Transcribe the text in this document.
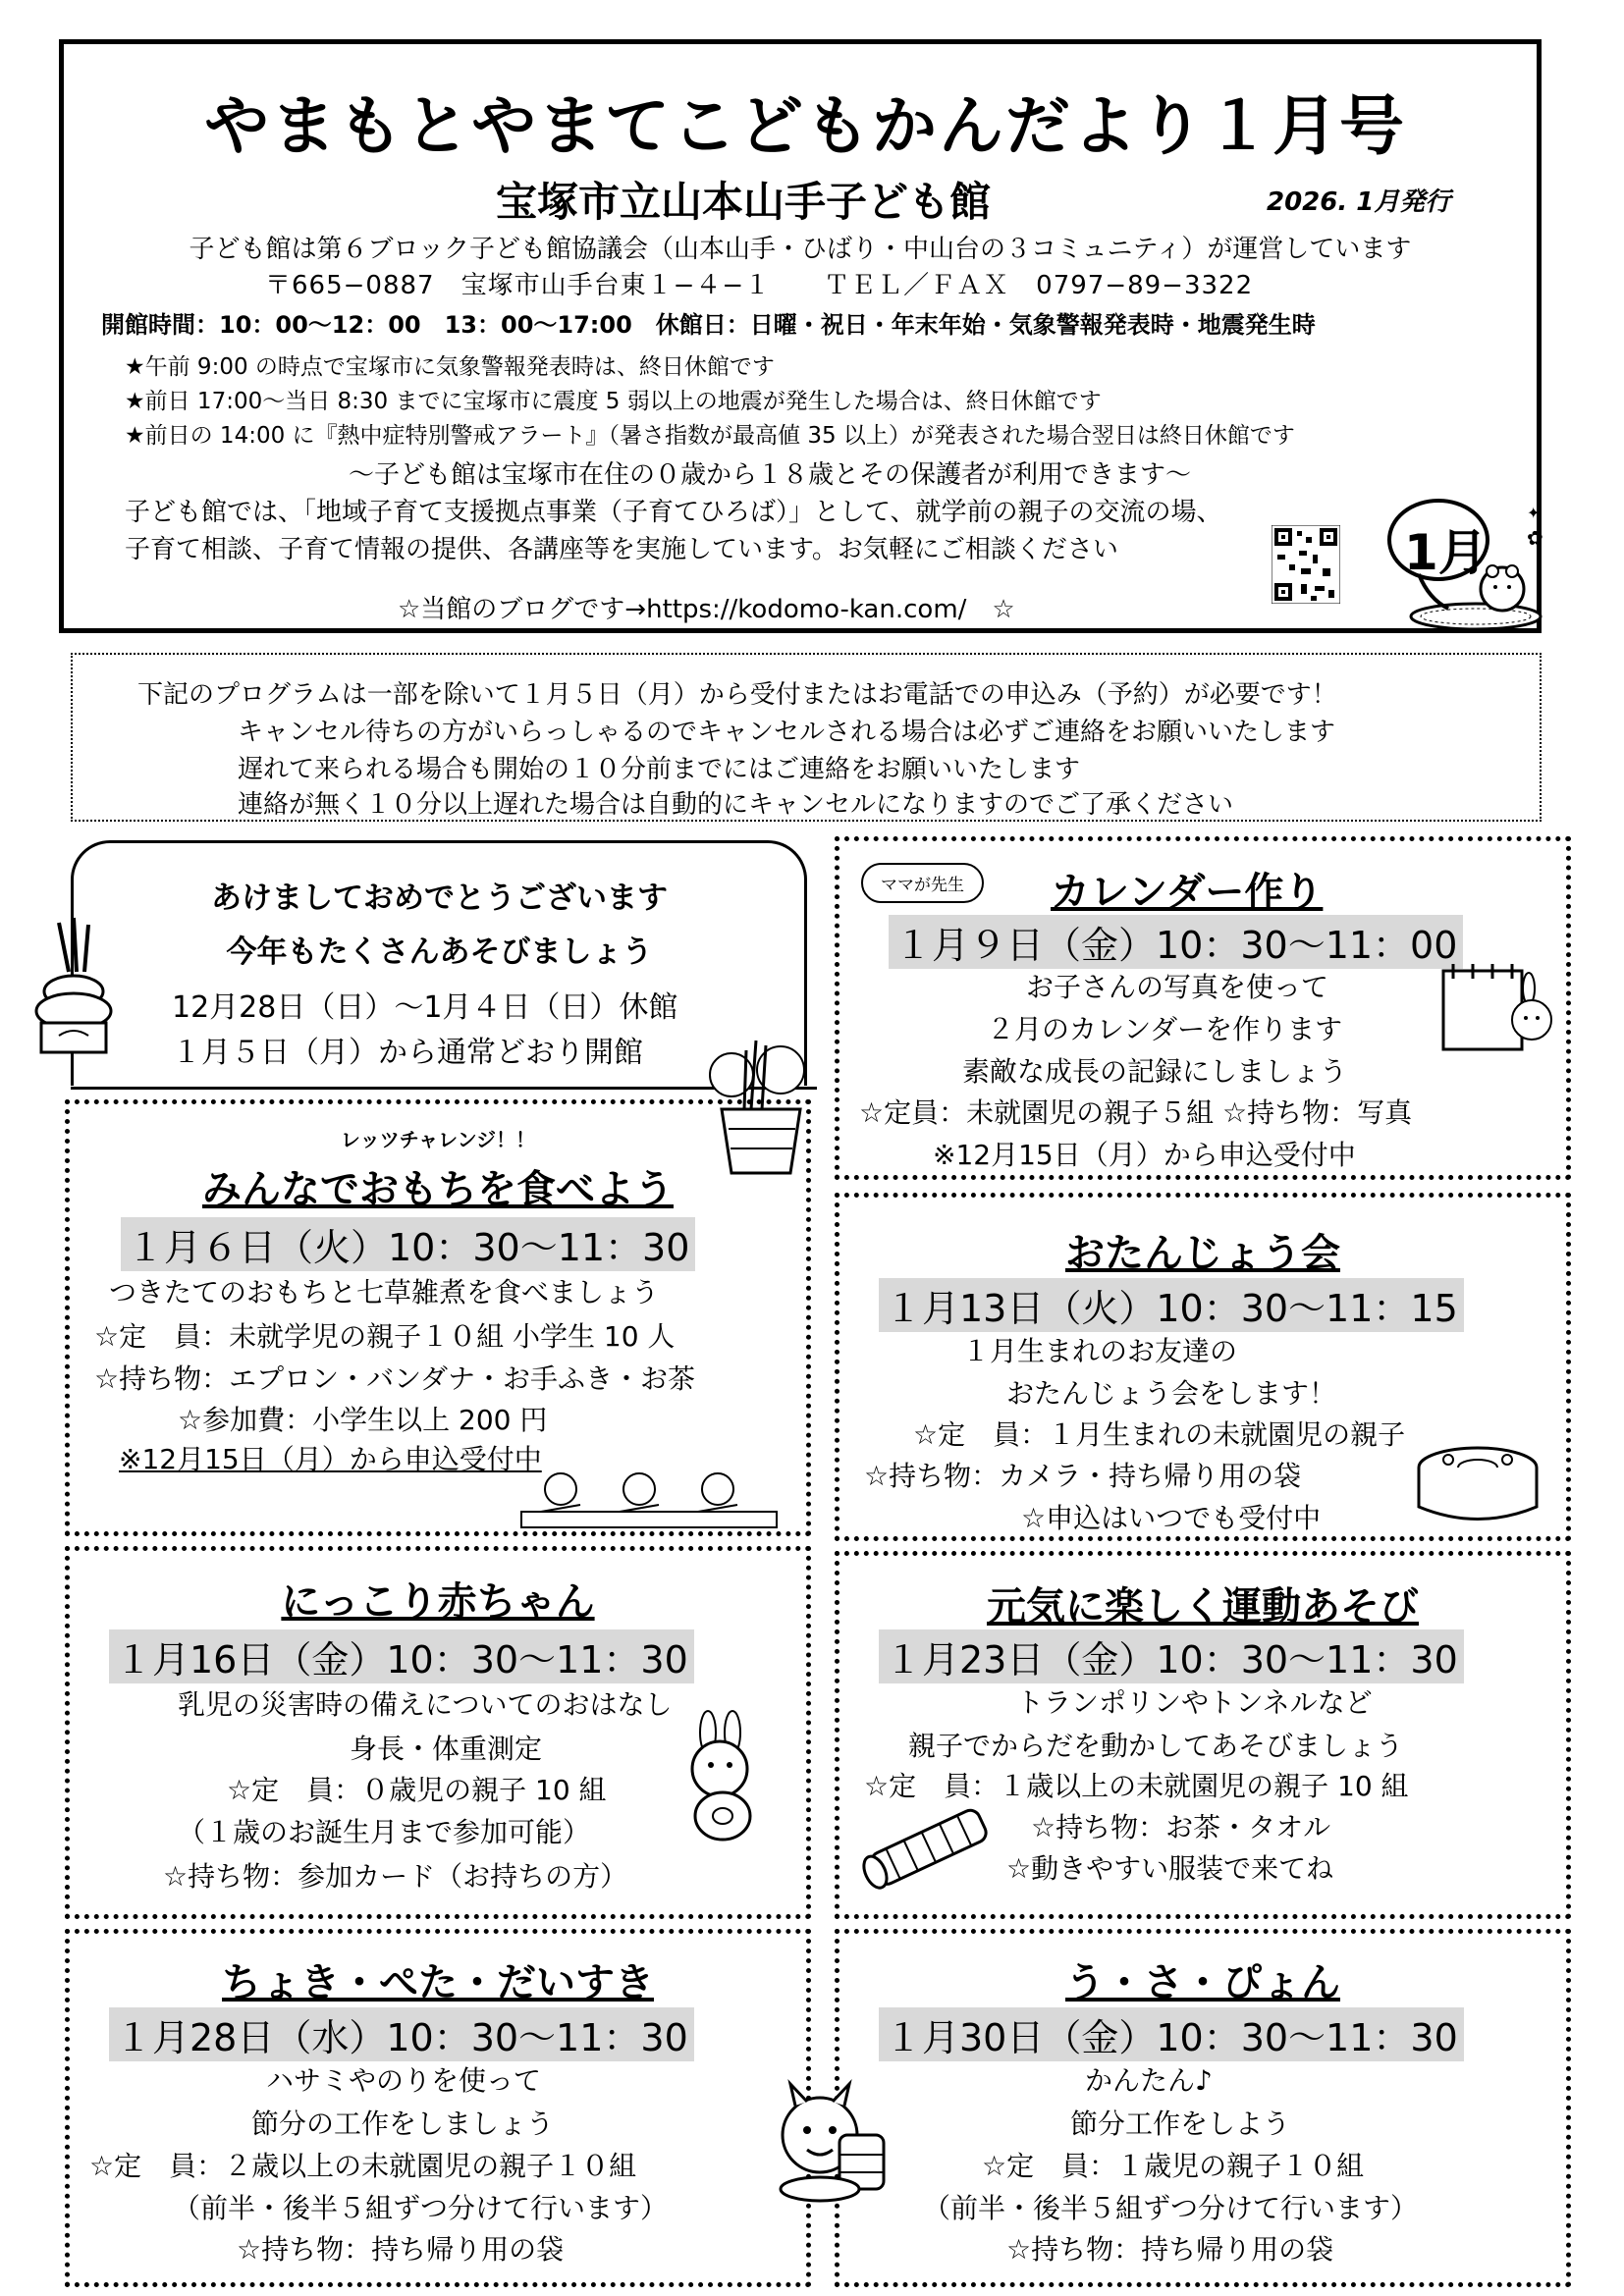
やまもとやまてこどもかんだより１月号
宝塚市立山本山手子ども館	2026. 1月発行
子ども館は第６ブロック子ども館協議会（山本山手・ひばり・中山台の３コミュニティ）が運営しています
〒665−0887　宝塚市山手台東１−４−１　　ＴＥＬ／ＦＡＸ　0797−89−3322
開館時間：10：00～12：00　13：00～17:00　休館日：日曜・祝日・年末年始・気象警報発表時・地震発生時
★午前 9:00 の時点で宝塚市に気象警報発表時は、終日休館です
★前日 17:00～当日 8:30 までに宝塚市に震度 5 弱以上の地震が発生した場合は、終日休館です
★前日の 14:00 に『熱中症特別警戒アラート』（暑さ指数が最高値 35 以上）が発表された場合翌日は終日休館です
～子ども館は宝塚市在住の０歳から１８歳とその保護者が利用できます～
子ども館では、「地域子育て支援拠点事業（子育てひろば）」として、就学前の親子の交流の場、
子育て相談、子育て情報の提供、各講座等を実施しています。お気軽にご相談ください
☆当館のブログです→https://kodomo-kan.com/　☆
✿
✦
1月
下記のプログラムは一部を除いて１月５日（月）から受付またはお電話での申込み（予約）が必要です！
キャンセル待ちの方がいらっしゃるのでキャンセルされる場合は必ずご連絡をお願いいたします
遅れて来られる場合も開始の１０分前までにはご連絡をお願いいたします
連絡が無く１０分以上遅れた場合は自動的にキャンセルになりますのでご了承ください
あけましておめでとうございます
今年もたくさんあそびましょう
12月28日（日）～1月４日（日）休館
１月５日（月）から通常どおり開館
レッツチャレンジ！！
みんなでおもちを食べよう
１月６日（火）10：30～11：30
つきたてのおもちと七草雑煮を食べましょう
☆定　員：未就学児の親子１０組 小学生 10 人
☆持ち物：エプロン・バンダナ・お手ふき・お茶
☆参加費：小学生以上 200 円
※12月15日（月）から申込受付中
にっこり赤ちゃん
１月16日（金）10：30～11：30
乳児の災害時の備えについてのおはなし
身長・体重測定
☆定　員：０歳児の親子 10 組
（１歳のお誕生月まで参加可能）
☆持ち物：参加カード（お持ちの方）
ちょき・ぺた・だいすき
１月28日（水）10：30～11：30
ハサミやのりを使って
節分の工作をしましょう
☆定　員：２歳以上の未就園児の親子１０組
（前半・後半５組ずつ分けて行います）
☆持ち物：持ち帰り用の袋
ママが先生	カレンダー作り
１月９日（金）10：30～11：00
お子さんの写真を使って
２月のカレンダーを作ります
素敵な成長の記録にしましょう
☆定員：未就園児の親子５組 ☆持ち物：写真
※12月15日（月）から申込受付中
おたんじょう会
１月13日（火）10：30～11：15
１月生まれのお友達の
おたんじょう会をします！
☆定　員：１月生まれの未就園児の親子
☆持ち物：カメラ・持ち帰り用の袋
☆申込はいつでも受付中
元気に楽しく運動あそび
１月23日（金）10：30～11：30
トランポリンやトンネルなど
親子でからだを動かしてあそびましょう
☆定　員：１歳以上の未就園児の親子 10 組
☆持ち物：お茶・タオル
☆動きやすい服装で来てね
う・さ・ぴょん
１月30日（金）10：30～11：30
かんたん♪
節分工作をしよう
☆定　員：１歳児の親子１０組
（前半・後半５組ずつ分けて行います）
☆持ち物：持ち帰り用の袋
